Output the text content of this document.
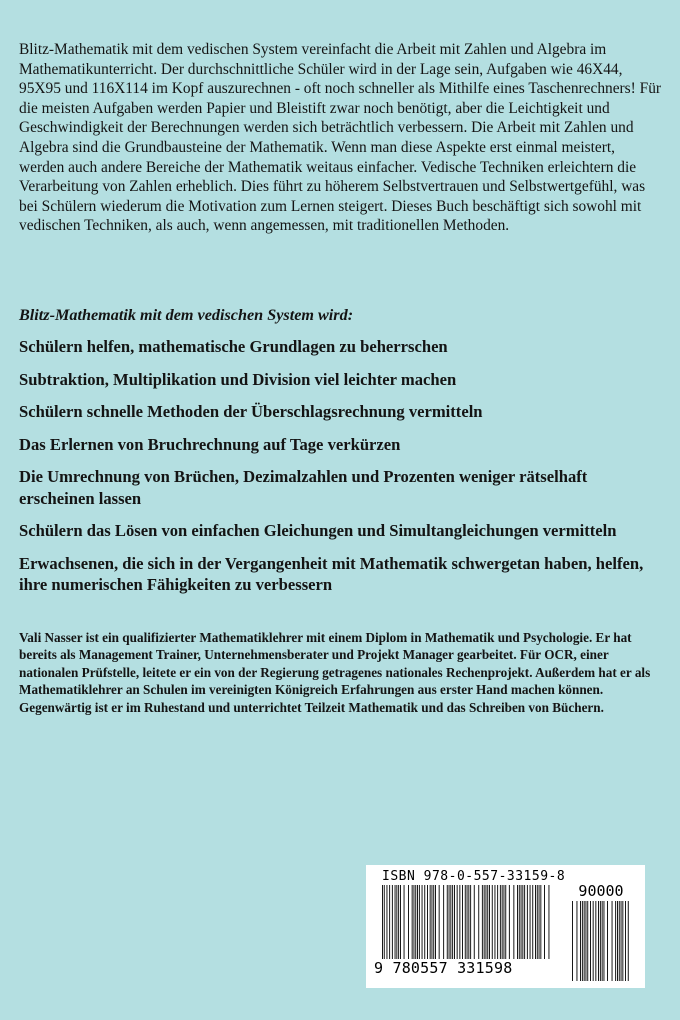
Blitz-Mathematik mit dem vedischen System vereinfacht die Arbeit mit Zahlen und Algebra im Mathematikunterricht. Der durchschnittliche Schüler wird in der Lage sein, Aufgaben wie 46X44, 95X95 und 116X114 im Kopf auszurechnen - oft noch schneller als Mithilfe eines Taschenrechners! Für die meisten Aufgaben werden Papier und Bleistift zwar noch benötigt, aber die Leichtigkeit und Geschwindigkeit der Berechnungen werden sich beträchtlich verbessern. Die Arbeit mit Zahlen und Algebra sind die Grundbausteine der Mathematik. Wenn man diese Aspekte erst einmal meistert, werden auch andere Bereiche der Mathematik weitaus einfacher. Vedische Techniken erleichtern die Verarbeitung von Zahlen erheblich. Dies führt zu höherem Selbstvertrauen und Selbstwertgefühl, was bei Schülern wiederum die Motivation zum Lernen steigert. Dieses Buch beschäftigt sich sowohl mit vedischen Techniken, als auch, wenn angemessen, mit traditionellen Methoden.

Blitz-Mathematik mit dem vedischen System wird:

Schülern helfen, mathematische Grundlagen zu beherrschen
Subtraktion, Multiplikation und Division viel leichter machen
Schülern schnelle Methoden der Überschlagsrechnung vermitteln
Das Erlernen von Bruchrechnung auf Tage verkürzen
Die Umrechnung von Brüchen, Dezimalzahlen und Prozenten weniger rätselhaft erscheinen lassen
Schülern das Lösen von einfachen Gleichungen und Simultangleichungen vermitteln
Erwachsenen, die sich in der Vergangenheit mit Mathematik schwergetan haben, helfen, ihre numerischen Fähigkeiten zu verbessern

Vali Nasser ist ein qualifizierter Mathematiklehrer mit einem Diplom in Mathematik und Psychologie. Er hat bereits als Management Trainer, Unternehmensberater und Projekt Manager gearbeitet. Für OCR, einer nationalen Prüfstelle, leitete er ein von der Regierung getragenes nationales Rechenprojekt. Außerdem hat er als Mathematiklehrer an Schulen im vereinigten Königreich Erfahrungen aus erster Hand machen können. Gegenwärtig ist er im Ruhestand und unterrichtet Teilzeit Mathematik und das Schreiben von Büchern.

ISBN 978-0-557-33159-8
90000
9 780557 331598
